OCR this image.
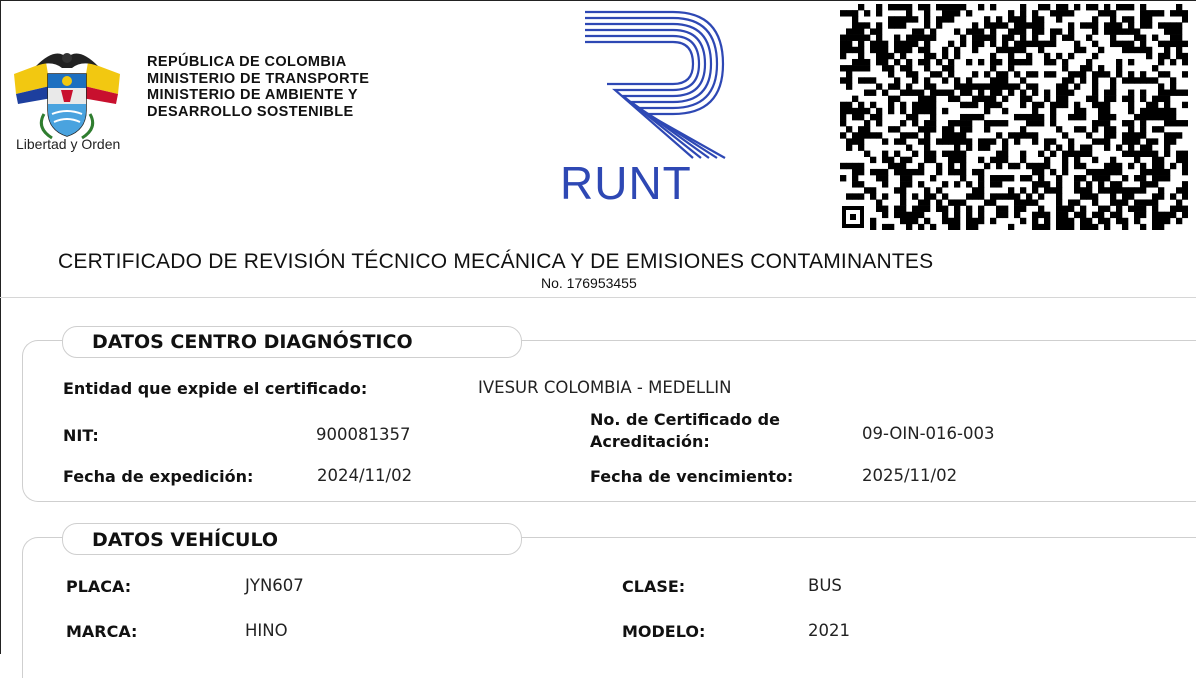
Libertad y Orden
REPÚBLICA DE COLOMBIA
MINISTERIO DE TRANSPORTE
MINISTERIO DE AMBIENTE Y
DESARROLLO SOSTENIBLE
RUNT
CERTIFICADO DE REVISIÓN TÉCNICO MECÁNICA Y DE EMISIONES CONTAMINANTES
No. 176953455
DATOS CENTRO DIAGNÓSTICO
Entidad que expide el certificado:	IVESUR COLOMBIA - MEDELLIN
NIT:	900081357
No. de Certificado de
Acreditación:	09-OIN-016-003
Fecha de expedición:	2024/11/02	Fecha de vencimiento:	2025/11/02
DATOS VEHÍCULO
PLACA:	JYN607	CLASE:	BUS
MARCA:	HINO	MODELO:	2021
